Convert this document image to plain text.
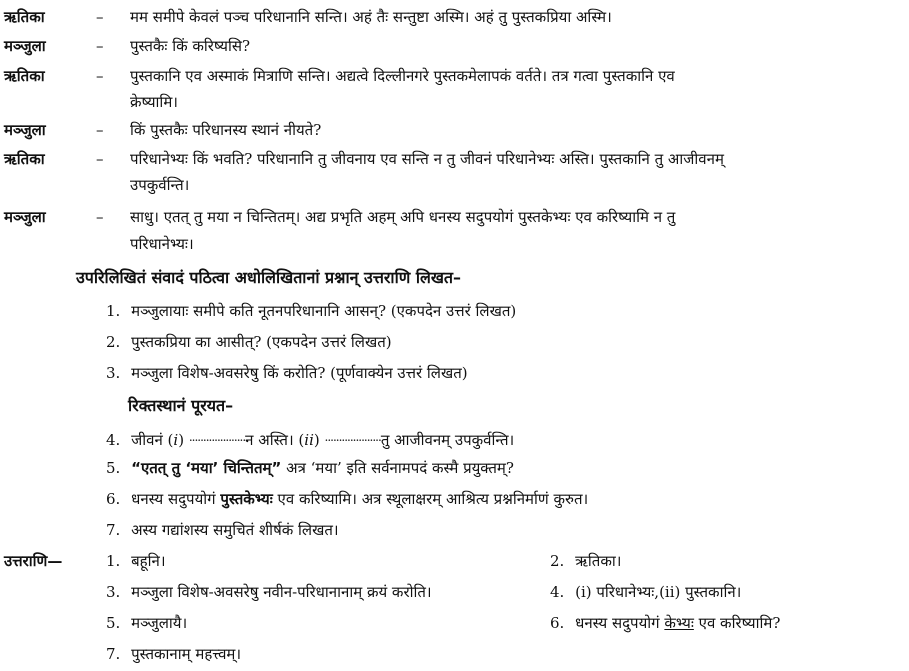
ऋतिका	– मम समीपे केवलं पञ्च परिधानानि सन्ति। अहं तैः सन्तुष्टा अस्मि। अहं तु पुस्तकप्रिया अस्मि।
मञ्जुला	– पुस्तकैः किं करिष्यसि?
ऋतिका	– पुस्तकानि एव अस्माकं मित्राणि सन्ति। अद्यत्वे दिल्लीनगरे पुस्तकमेलापकं वर्तते। तत्र गत्वा पुस्तकानि एव
क्रेष्यामि।
मञ्जुला	– किं पुस्तकैः परिधानस्य स्थानं नीयते?
ऋतिका	– परिधानेभ्यः किं भवति? परिधानानि तु जीवनाय एव सन्ति न तु जीवनं परिधानेभ्यः अस्ति। पुस्तकानि तु आजीवनम्
उपकुर्वन्ति।
मञ्जुला	– साधु। एतत् तु मया न चिन्तितम्। अद्य प्रभृति अहम् अपि धनस्य सदुपयोगं पुस्तकेभ्यः एव करिष्यामि न तु
परिधानेभ्यः।
उपरिलिखितं संवादं पठित्वा अधोलिखितानां प्रश्नान् उत्तराणि लिखत–
1. मञ्जुलायाः समीपे कति नूतनपरिधानानि आसन्? (एकपदेन उत्तरं लिखत)
2. पुस्तकप्रिया का आसीत्? (एकपदेन उत्तरं लिखत)
3. मञ्जुला विशेष-अवसरेषु किं करोति? (पूर्णवाक्येन उत्तरं लिखत)
रिक्तस्थानं पूरयत–
4. जीवनं (i) ....................न अस्ति। (ii) ....................तु आजीवनम् उपकुर्वन्ति।
5. “एतत् तु ‘मया’ चिन्तितम्” अत्र ‘मया’ इति सर्वनामपदं कस्मै प्रयुक्तम्?
6. धनस्य सदुपयोगं पुस्तकेभ्यः एव करिष्यामि। अत्र स्थूलाक्षरम् आश्रित्य प्रश्ननिर्माणं कुरुत।
7. अस्य गद्यांशस्य समुचितं शीर्षकं लिखत।
उत्तराणि—	1. बहूनि।	2. ऋतिका।
3. मञ्जुला विशेष-अवसरेषु नवीन-परिधानानाम् क्रयं करोति।	4. (i) परिधानेभ्यः,(ii) पुस्तकानि।
5. मञ्जुलायै।	6. धनस्य सदुपयोगं केभ्यः एव करिष्यामि?
7. पुस्तकानाम् महत्त्वम्।
